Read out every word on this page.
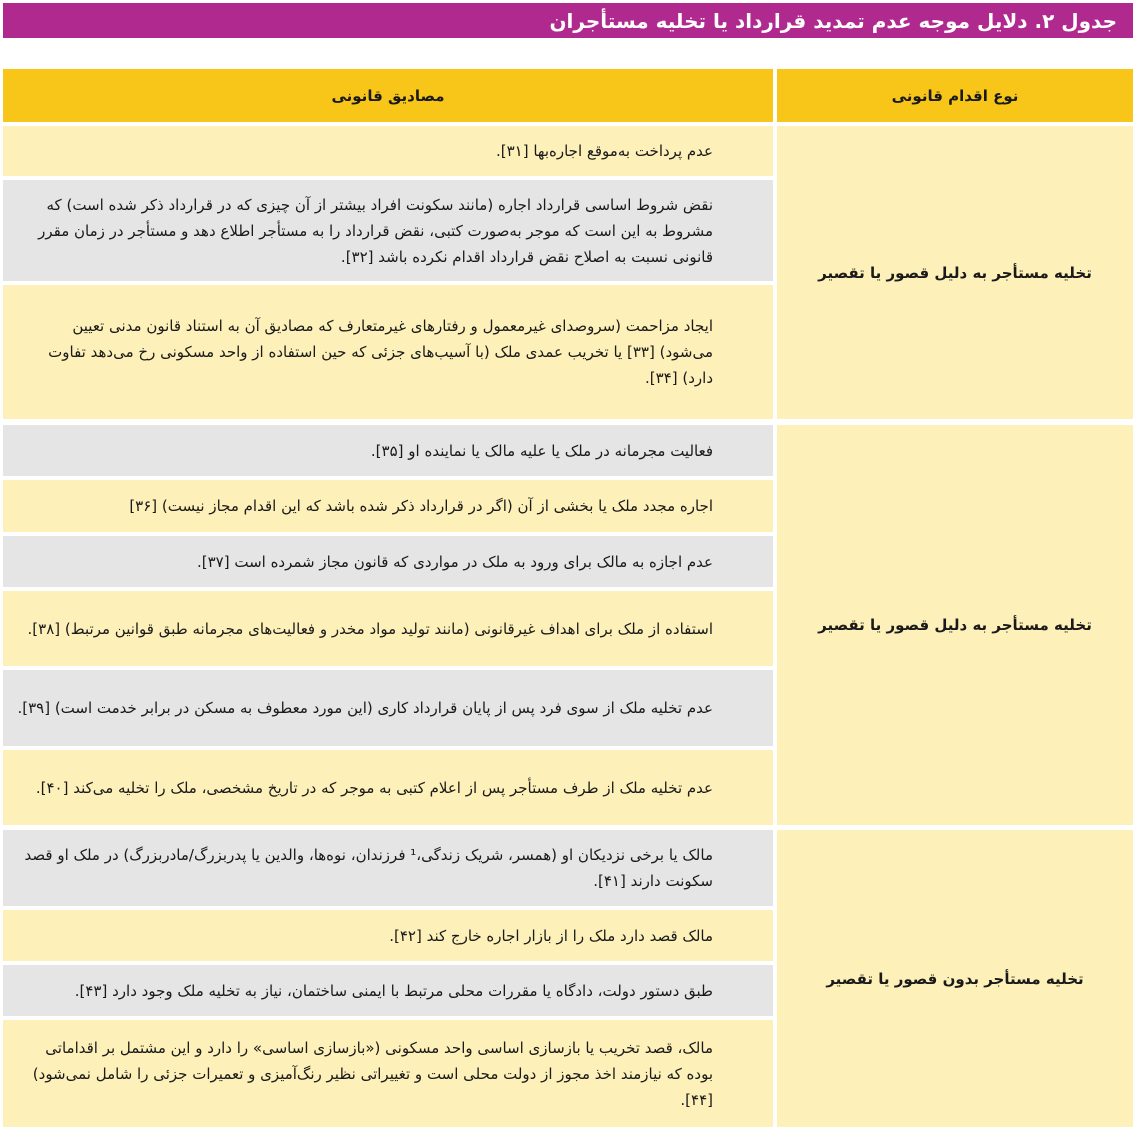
جدول ۲. دلایل موجه عدم تمدید قرارداد یا تخلیه مستأجران
نوع اقدام قانونی
مصادیق قانونی
تخلیه مستأجر به دلیل قصور یا تقصیر
عدم پرداخت به‌موقع اجاره‌بها [۳۱].
نقض شروط اساسی قرارداد اجاره (مانند سکونت افراد بیشتر از آن چیزی که در قرارداد ذکر شده است) که مشروط به این است که موجر به‌صورت کتبی، نقض قرارداد را به مستأجر اطلاع دهد و مستأجر در زمان مقرر قانونی نسبت به اصلاح نقض قرارداد اقدام نکرده باشد [۳۲].
ایجاد مزاحمت (سروصدای غیرمعمول و رفتارهای غیرمتعارف که مصادیق آن به استناد قانون مدنی تعیین می‌شود) [۳۳] یا تخریب عمدی ملک (با آسیب‌های جزئی که حین استفاده از واحد مسکونی رخ می‌دهد تفاوت دارد) [۳۴].
تخلیه مستأجر به دلیل قصور یا تقصیر
فعالیت مجرمانه در ملک یا علیه مالک یا نماینده او [۳۵].
اجاره مجدد ملک یا بخشی از آن (اگر در قرارداد ذکر شده باشد که این اقدام مجاز نیست) [۳۶]
عدم اجازه به مالک برای ورود به ملک در مواردی که قانون مجاز شمرده است [۳۷].
استفاده از ملک برای اهداف غیرقانونی (مانند تولید مواد مخدر و فعالیت‌های مجرمانه طبق قوانین مرتبط) [۳۸].
عدم تخلیه ملک از سوی فرد پس از پایان قرارداد کاری (این مورد معطوف به مسکن در برابر خدمت است) [۳۹].
عدم تخلیه ملک از طرف مستأجر پس از اعلام کتبی به موجر که در تاریخ مشخصی، ملک را تخلیه می‌کند [۴۰].
تخلیه مستأجر بدون قصور یا تقصیر
مالک یا برخی نزدیکان او (همسر، شریک زندگی،¹ فرزندان، نوه‌ها، والدین یا پدربزرگ/مادربزرگ) در ملک او قصد سکونت دارند [۴۱].
مالک قصد دارد ملک را از بازار اجاره خارج کند [۴۲].
طبق دستور دولت، دادگاه یا مقررات محلی مرتبط با ایمنی ساختمان، نیاز به تخلیه ملک وجود دارد [۴۳].
مالک، قصد تخریب یا بازسازی اساسی واحد مسکونی («بازسازی اساسی» را دارد و این مشتمل بر اقداماتی بوده که نیازمند اخذ مجوز از دولت محلی است و تغییراتی نظیر رنگ‌آمیزی و تعمیرات جزئی را شامل نمی‌شود) [۴۴].
